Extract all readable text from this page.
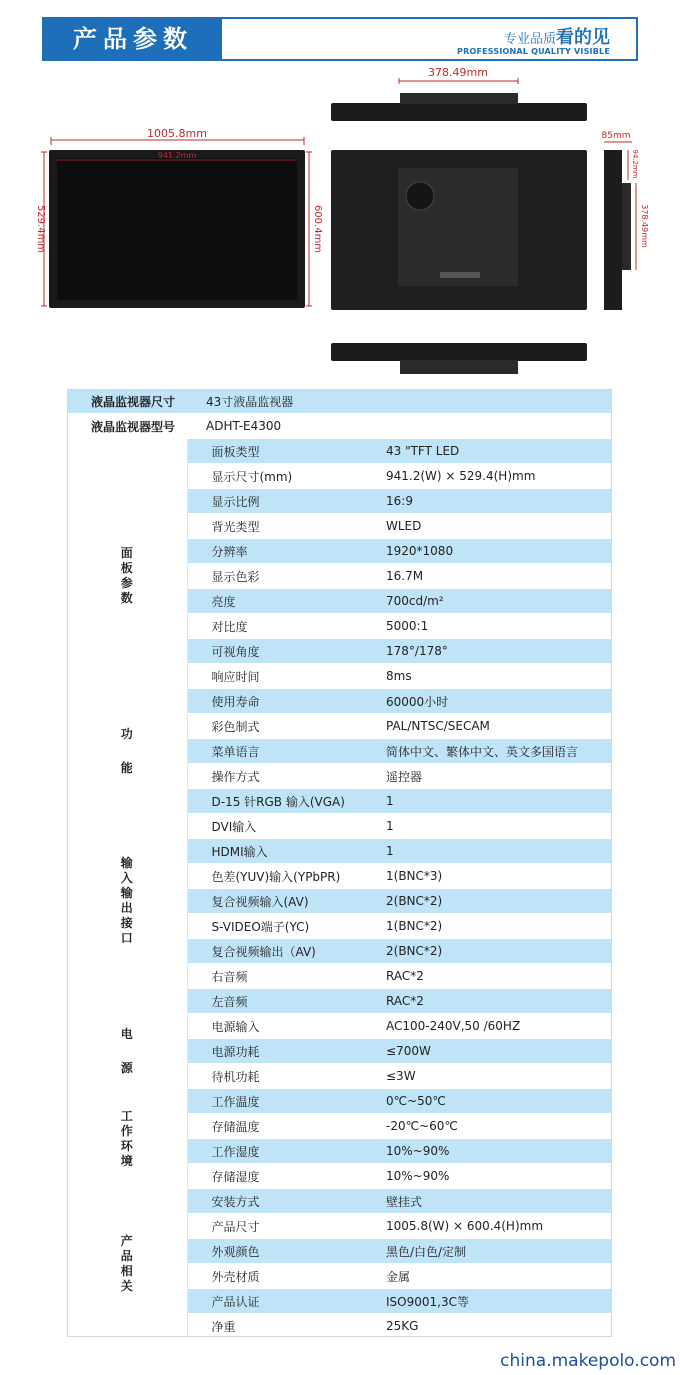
产品参数	专业品质看的见
PROFESSIONAL QUALITY VISIBLE
1005.8mm
941.2mm
529.4mm	600.4mm
378.49mm
85mm
94.2mm
378.49mm
液晶监视器尺寸	43寸液晶监视器	
液晶监视器型号	ADHT-E4300	
面板参数	面板类型	43 "TFT LED
	显示尺寸(mm)	941.2(W) × 529.4(H)mm
	显示比例	16:9
	背光类型	WLED
	分辨率	1920*1080
	显示色彩	16.7M
	亮度	700cd/m²
	对比度	5000:1
	可视角度	178°/178°
	响应时间	8ms
	使用寿命	60000小时
功能	彩色制式	PAL/NTSC/SECAM
	菜单语言	简体中文、繁体中文、英文多国语言
	操作方式	遥控器
输入输出接口	D-15 针RGB 输入(VGA)	1
	DVI输入	1
	HDMI输入	1
	色差(YUV)输入(YPbPR)	1(BNC*3)
	复合视频输入(AV)	2(BNC*2)
	S-VIDEO端子(YC)	1(BNC*2)
	复合视频输出（AV)	2(BNC*2)
	右音频	RAC*2
	左音频	RAC*2
电源	电源输入	AC100-240V,50 /60HZ
	电源功耗	≤700W
	待机功耗	≤3W
工作环境	工作温度	0℃~50℃
	存储温度	-20℃~60℃
	工作湿度	10%~90%
	存储湿度	10%~90%
产品相关	安装方式	壁挂式
	产品尺寸	1005.8(W) × 600.4(H)mm
	外观颜色	黑色/白色/定制
	外壳材质	金属
	产品认证	ISO9001,3C等
	净重	25KG
china.makepolo.com
